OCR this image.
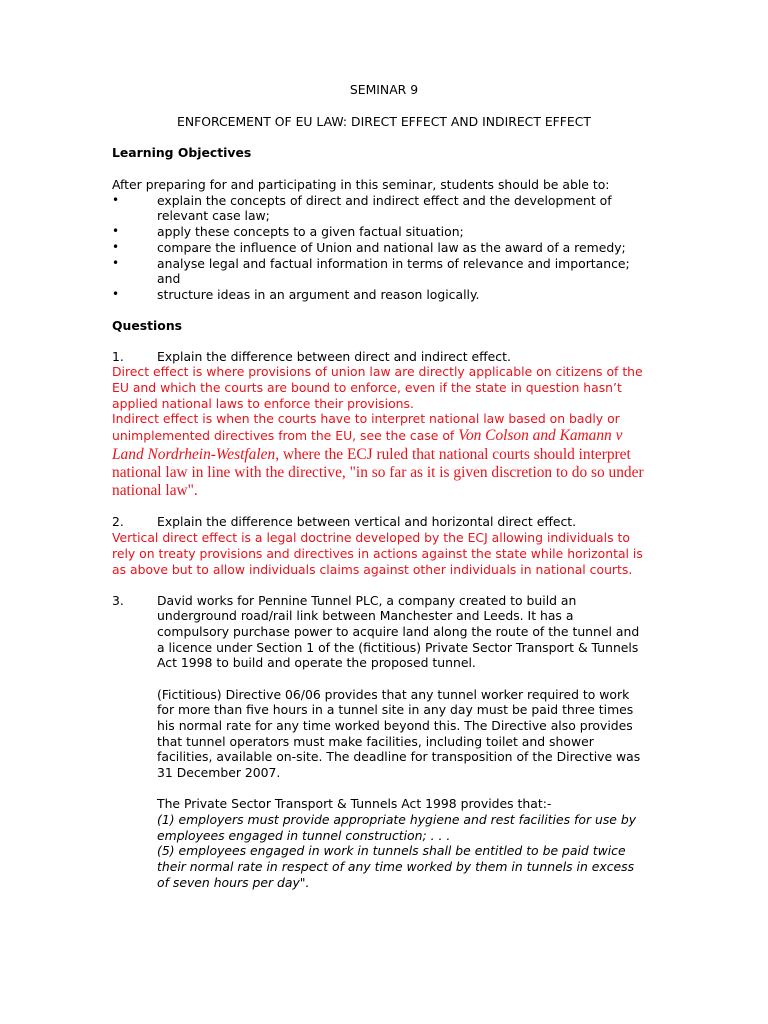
SEMINAR 9
ENFORCEMENT OF EU LAW: DIRECT EFFECT AND INDIRECT EFFECT
Learning Objectives
After preparing for and participating in this seminar, students should be able to:
•	explain the concepts of direct and indirect effect and the development of
relevant case law;
•	apply these concepts to a given factual situation;
•	compare the influence of Union and national law as the award of a remedy;
•	analyse legal and factual information in terms of relevance and importance;
and
•	structure ideas in an argument and reason logically.
Questions
1.	Explain the difference between direct and indirect effect.
Direct effect is where provisions of union law are directly applicable on citizens of the
EU and which the courts are bound to enforce, even if the state in question hasn’t
applied national laws to enforce their provisions.
Indirect effect is when the courts have to interpret national law based on badly or
unimplemented directives from the EU, see the case of Von Colson and Kamann v
Land Nordrhein-Westfalen, where the ECJ ruled that national courts should interpret
national law in line with the directive, "in so far as it is given discretion to do so under
national law".
2.	Explain the difference between vertical and horizontal direct effect.
Vertical direct effect is a legal doctrine developed by the ECJ allowing individuals to
rely on treaty provisions and directives in actions against the state while horizontal is
as above but to allow individuals claims against other individuals in national courts.
3.	David works for Pennine Tunnel PLC, a company created to build an
underground road/rail link between Manchester and Leeds. It has a
compulsory purchase power to acquire land along the route of the tunnel and
a licence under Section 1 of the (fictitious) Private Sector Transport & Tunnels
Act 1998 to build and operate the proposed tunnel.
(Fictitious) Directive 06/06 provides that any tunnel worker required to work
for more than five hours in a tunnel site in any day must be paid three times
his normal rate for any time worked beyond this. The Directive also provides
that tunnel operators must make facilities, including toilet and shower
facilities, available on-site. The deadline for transposition of the Directive was
31 December 2007.
The Private Sector Transport & Tunnels Act 1998 provides that:-
(1) employers must provide appropriate hygiene and rest facilities for use by
employees engaged in tunnel construction; . . .
(5) employees engaged in work in tunnels shall be entitled to be paid twice
their normal rate in respect of any time worked by them in tunnels in excess
of seven hours per day".
